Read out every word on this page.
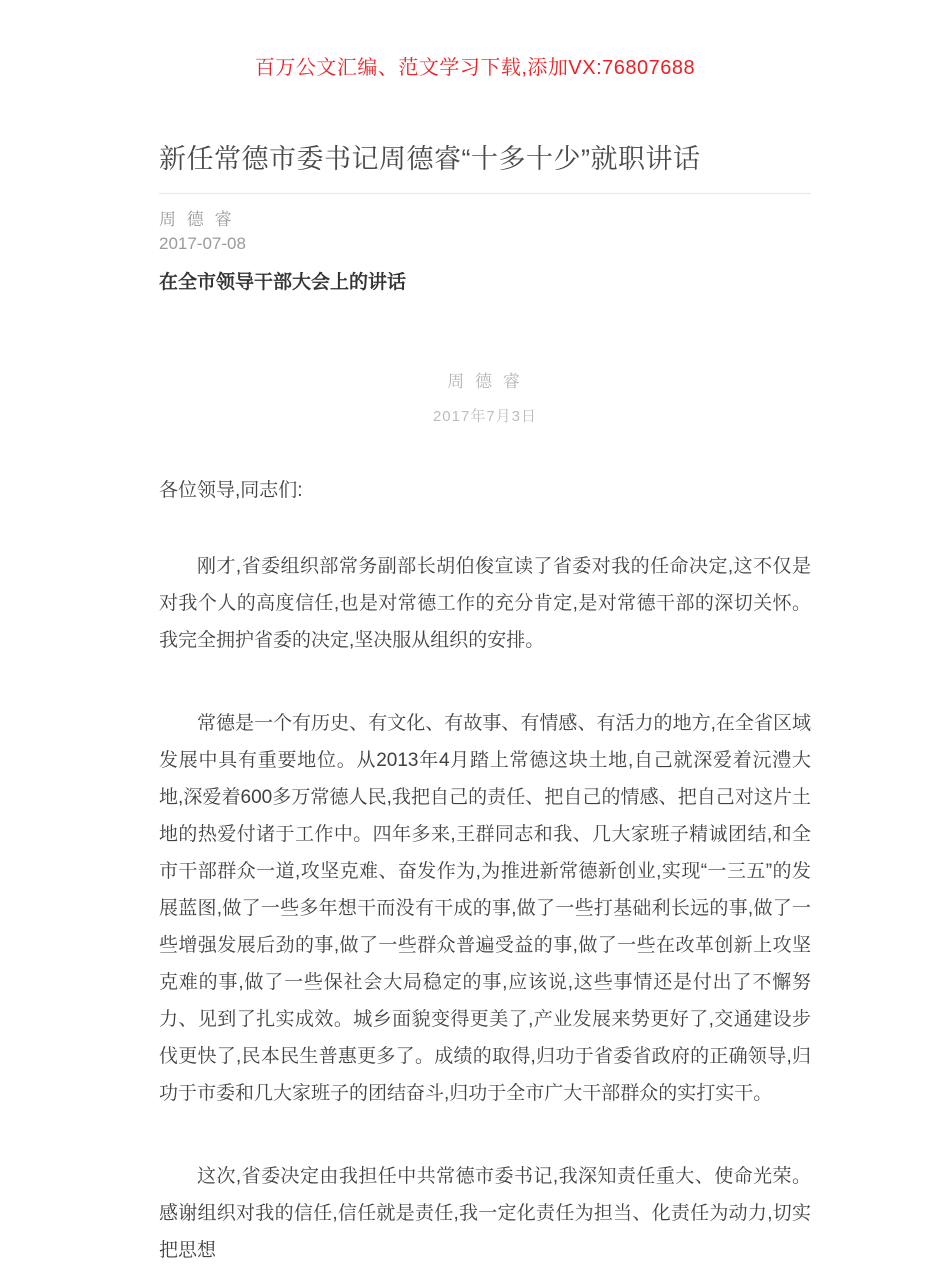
百万公文汇编、范文学习下载,添加VX:76807688
新任常德市委书记周德睿“十多十少”就职讲话
周 德 睿
2017-07-08
在全市领导干部大会上的讲话
周 德 睿
2017年7月3日
各位领导,同志们:

刚才,省委组织部常务副部长胡伯俊宣读了省委对我的任命决定,这不仅是对我个人的高度信任,也是对常德工作的充分肯定,是对常德干部的深切关怀。我完全拥护省委的决定,坚决服从组织的安排。

常德是一个有历史、有文化、有故事、有情感、有活力的地方,在全省区域发展中具有重要地位。从2013年4月踏上常德这块土地,自己就深爱着沅澧大地,深爱着600多万常德人民,我把自己的责任、把自己的情感、把自己对这片土地的热爱付诸于工作中。四年多来,王群同志和我、几大家班子精诚团结,和全市干部群众一道,攻坚克难、奋发作为,为推进新常德新创业,实现“一三五”的发展蓝图,做了一些多年想干而没有干成的事,做了一些打基础利长远的事,做了一些增强发展后劲的事,做了一些群众普遍受益的事,做了一些在改革创新上攻坚克难的事,做了一些保社会大局稳定的事,应该说,这些事情还是付出了不懈努力、见到了扎实成效。城乡面貌变得更美了,产业发展来势更好了,交通建设步伐更快了,民本民生普惠更多了。成绩的取得,归功于省委省政府的正确领导,归功于市委和几大家班子的团结奋斗,归功于全市广大干部群众的实打实干。

这次,省委决定由我担任中共常德市委书记,我深知责任重大、使命光荣。感谢组织对我的信任,信任就是责任,我一定化责任为担当、化责任为动力,切实把思想
